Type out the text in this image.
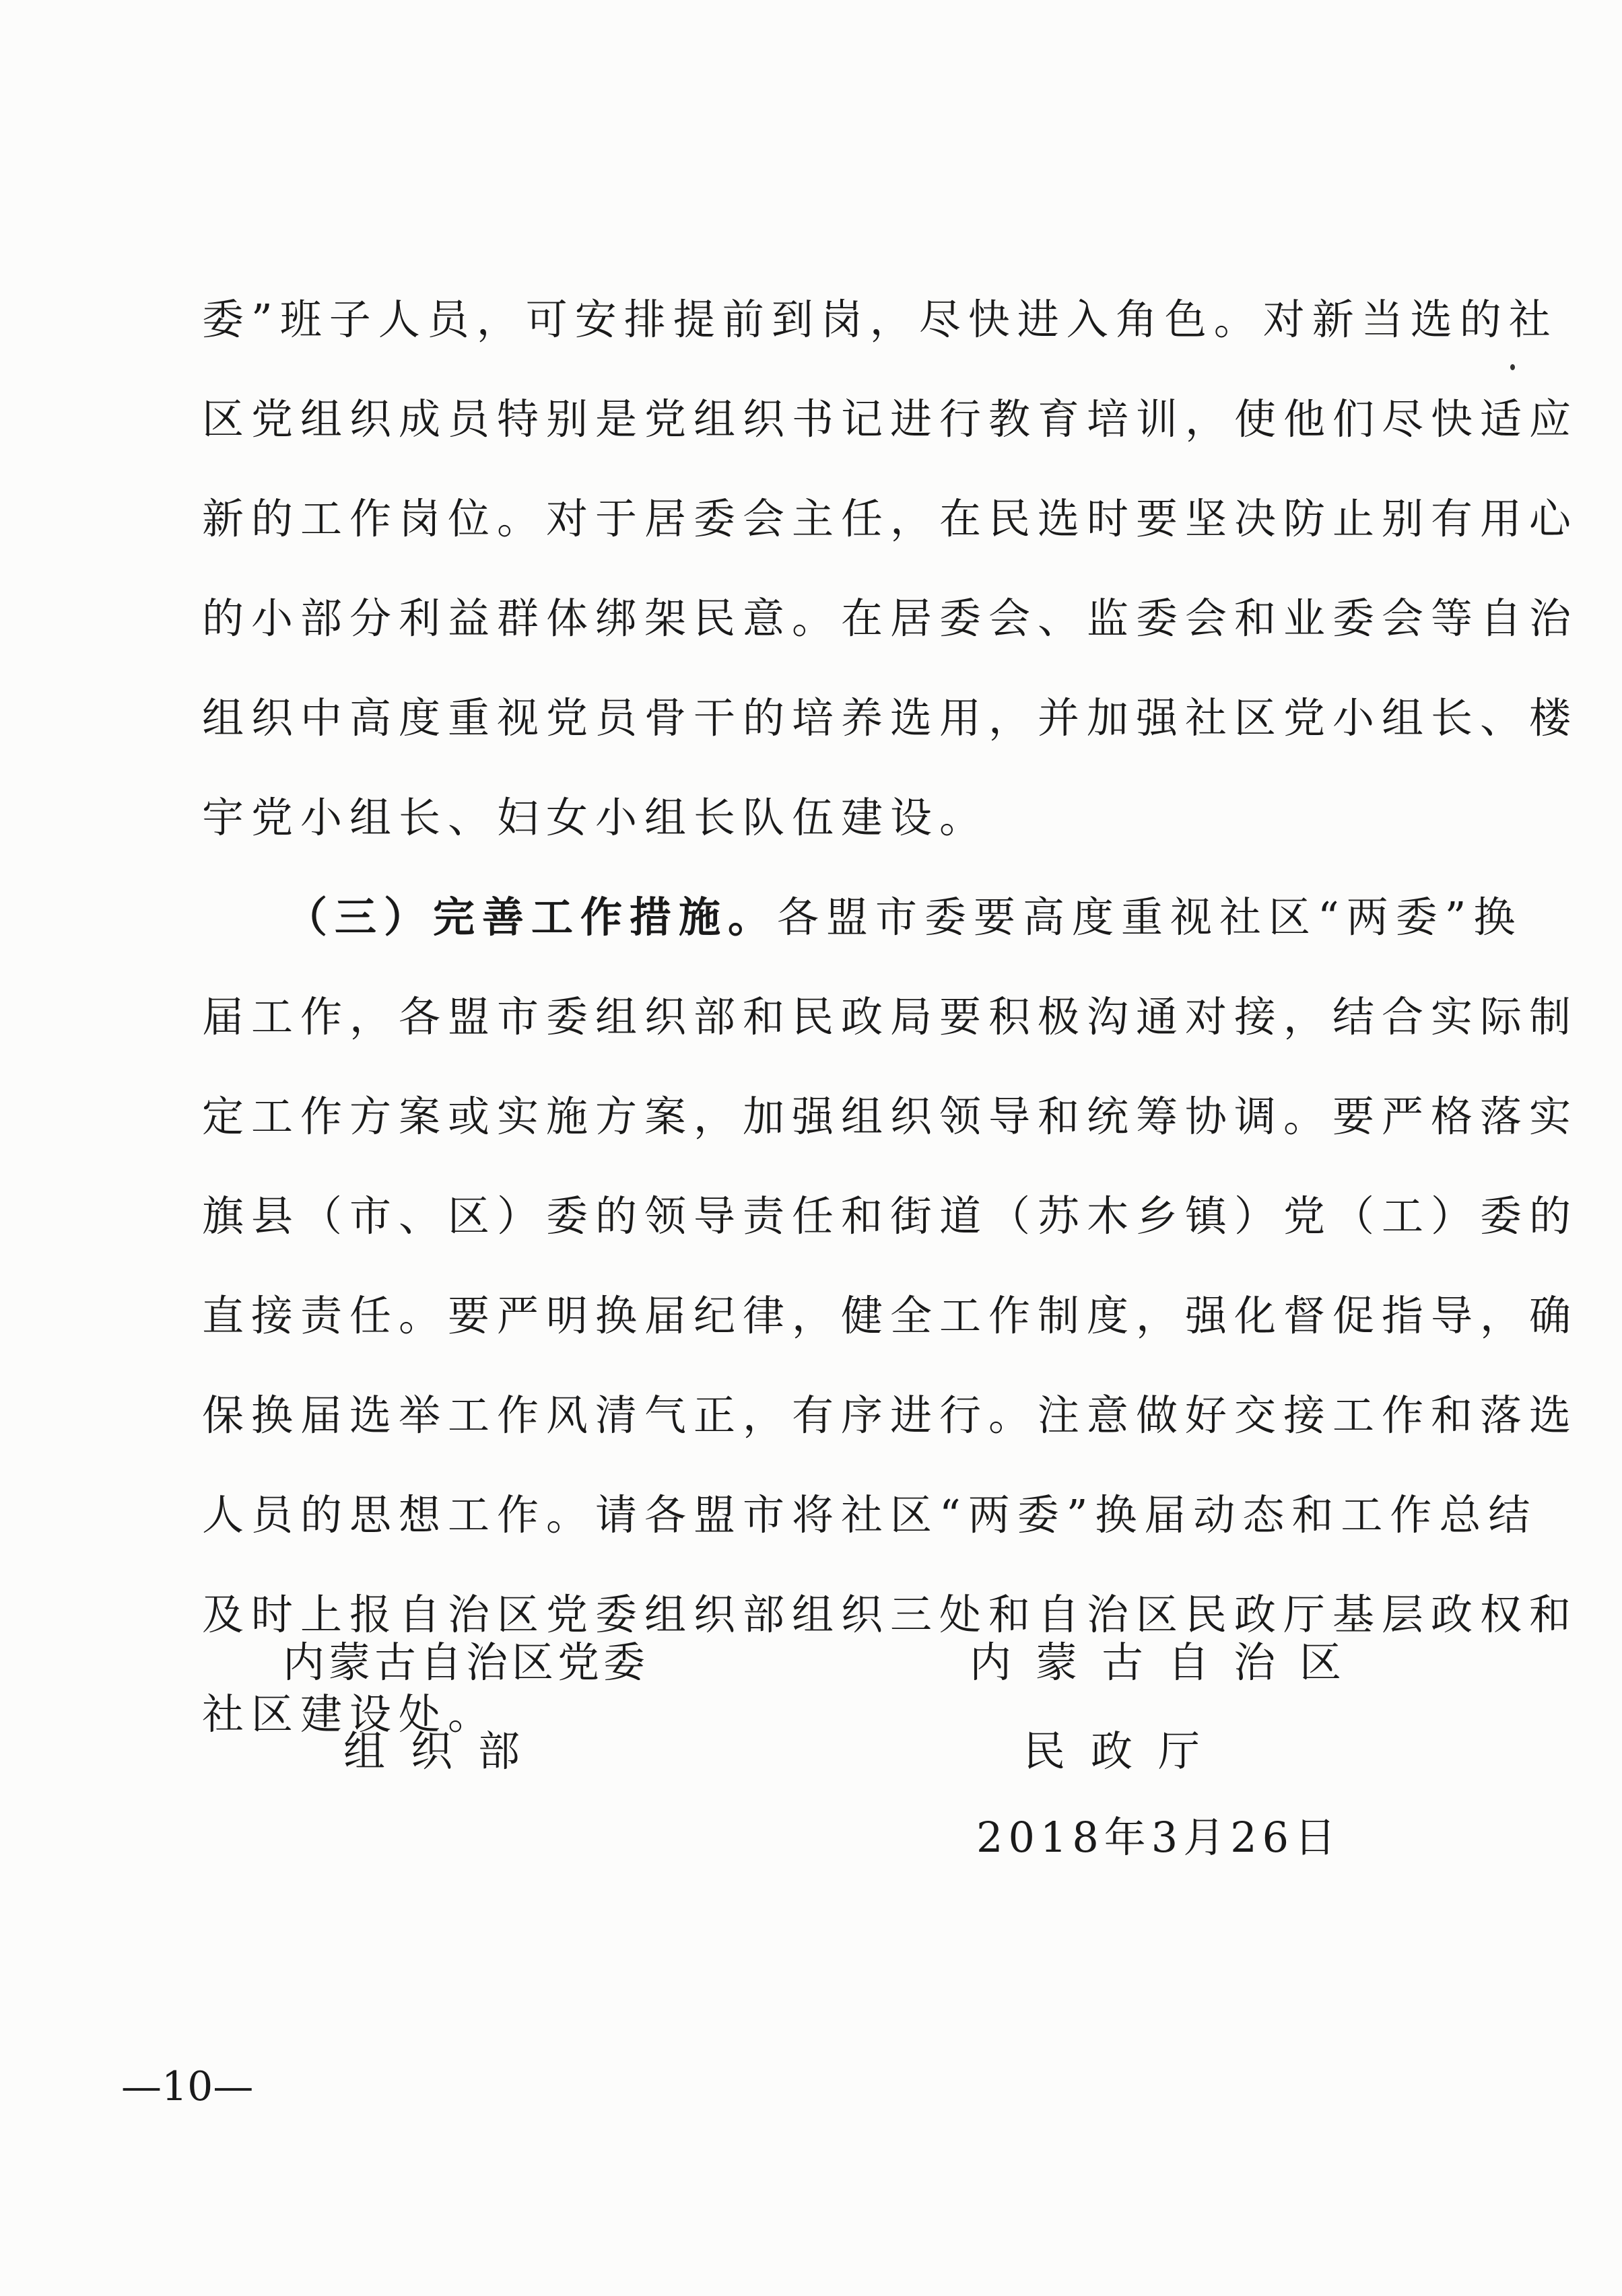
委”班子人员，可安排提前到岗，尽快进入角色。对新当选的社
区党组织成员特别是党组织书记进行教育培训，使他们尽快适应
新的工作岗位。对于居委会主任，在民选时要坚决防止别有用心
的小部分利益群体绑架民意。在居委会、监委会和业委会等自治
组织中高度重视党员骨干的培养选用，并加强社区党小组长、楼
宇党小组长、妇女小组长队伍建设。
（三）完善工作措施。各盟市委要高度重视社区“两委”换
届工作，各盟市委组织部和民政局要积极沟通对接，结合实际制
定工作方案或实施方案，加强组织领导和统筹协调。要严格落实
旗县（市、区）委的领导责任和街道（苏木乡镇）党（工）委的
直接责任。要严明换届纪律，健全工作制度，强化督促指导，确
保换届选举工作风清气正，有序进行。注意做好交接工作和落选
人员的思想工作。请各盟市将社区“两委”换届动态和工作总结
及时上报自治区党委组织部组织三处和自治区民政厅基层政权和
社区建设处。
内蒙古自治区党委
组织部
内蒙古自治区
民政厅
2018年3月26日
—10—
